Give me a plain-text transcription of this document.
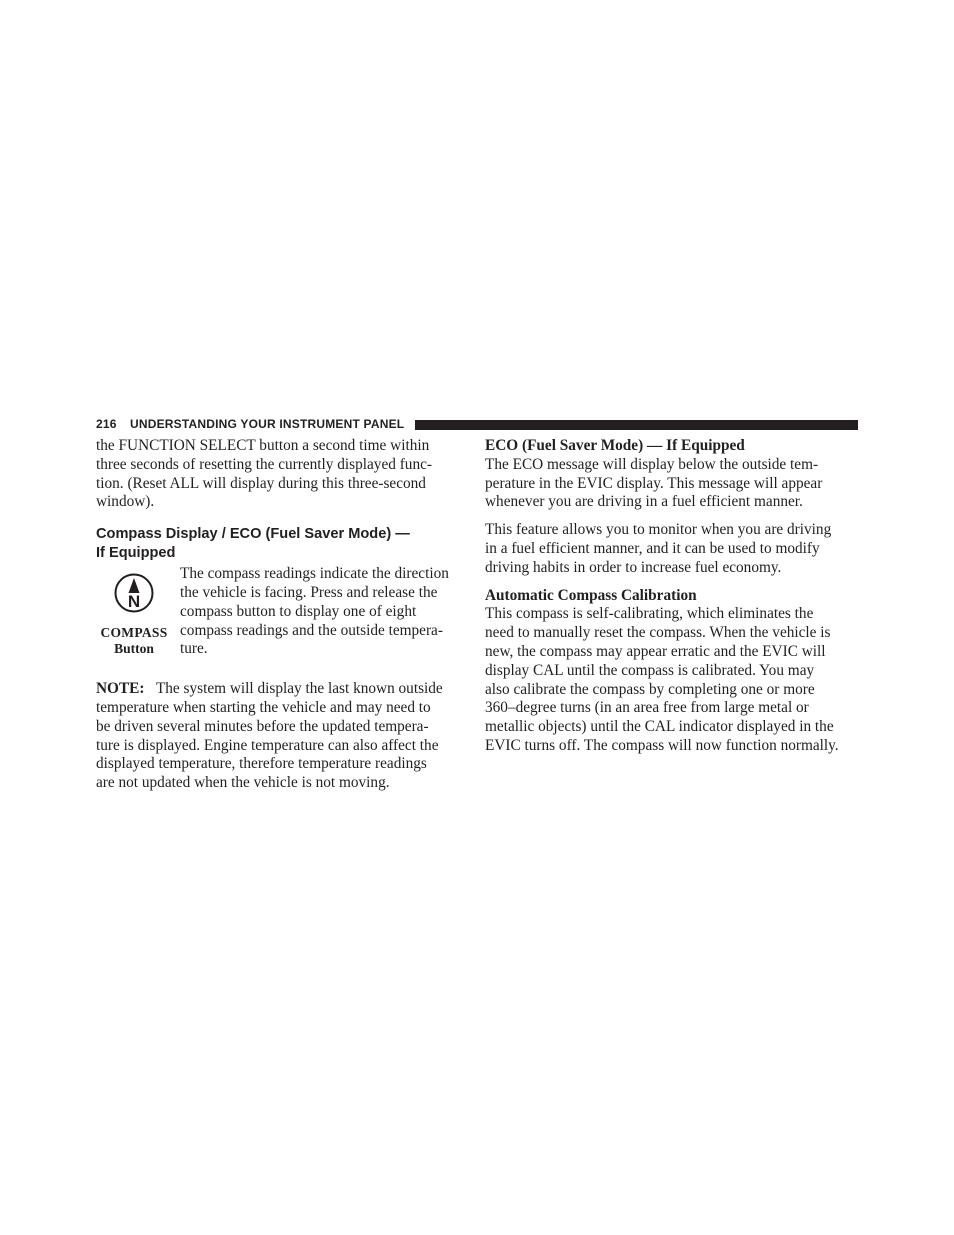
216 UNDERSTANDING YOUR INSTRUMENT PANEL

the FUNCTION SELECT button a second time within

three seconds of resetting the currently displayed func-

tion. (Reset ALL will display during this three-second

window).

Compass Display / ECO (Fuel Saver Mode) —
If Equipped
N
COMPASS
Button

The compass readings indicate the direction

the vehicle is facing. Press and release the

compass button to display one of eight

compass readings and the outside tempera-

ture.

NOTE: The system will display the last known outside

temperature when starting the vehicle and may need to

be driven several minutes before the updated tempera-

ture is displayed. Engine temperature can also affect the

displayed temperature, therefore temperature readings

are not updated when the vehicle is not moving.

ECO (Fuel Saver Mode) — If Equipped

The ECO message will display below the outside tem-

perature in the EVIC display. This message will appear

whenever you are driving in a fuel efficient manner.

This feature allows you to monitor when you are driving

in a fuel efficient manner, and it can be used to modify

driving habits in order to increase fuel economy.

Automatic Compass Calibration

This compass is self-calibrating, which eliminates the

need to manually reset the compass. When the vehicle is

new, the compass may appear erratic and the EVIC will

display CAL until the compass is calibrated. You may

also calibrate the compass by completing one or more

360–degree turns (in an area free from large metal or

metallic objects) until the CAL indicator displayed in the

EVIC turns off. The compass will now function normally.
